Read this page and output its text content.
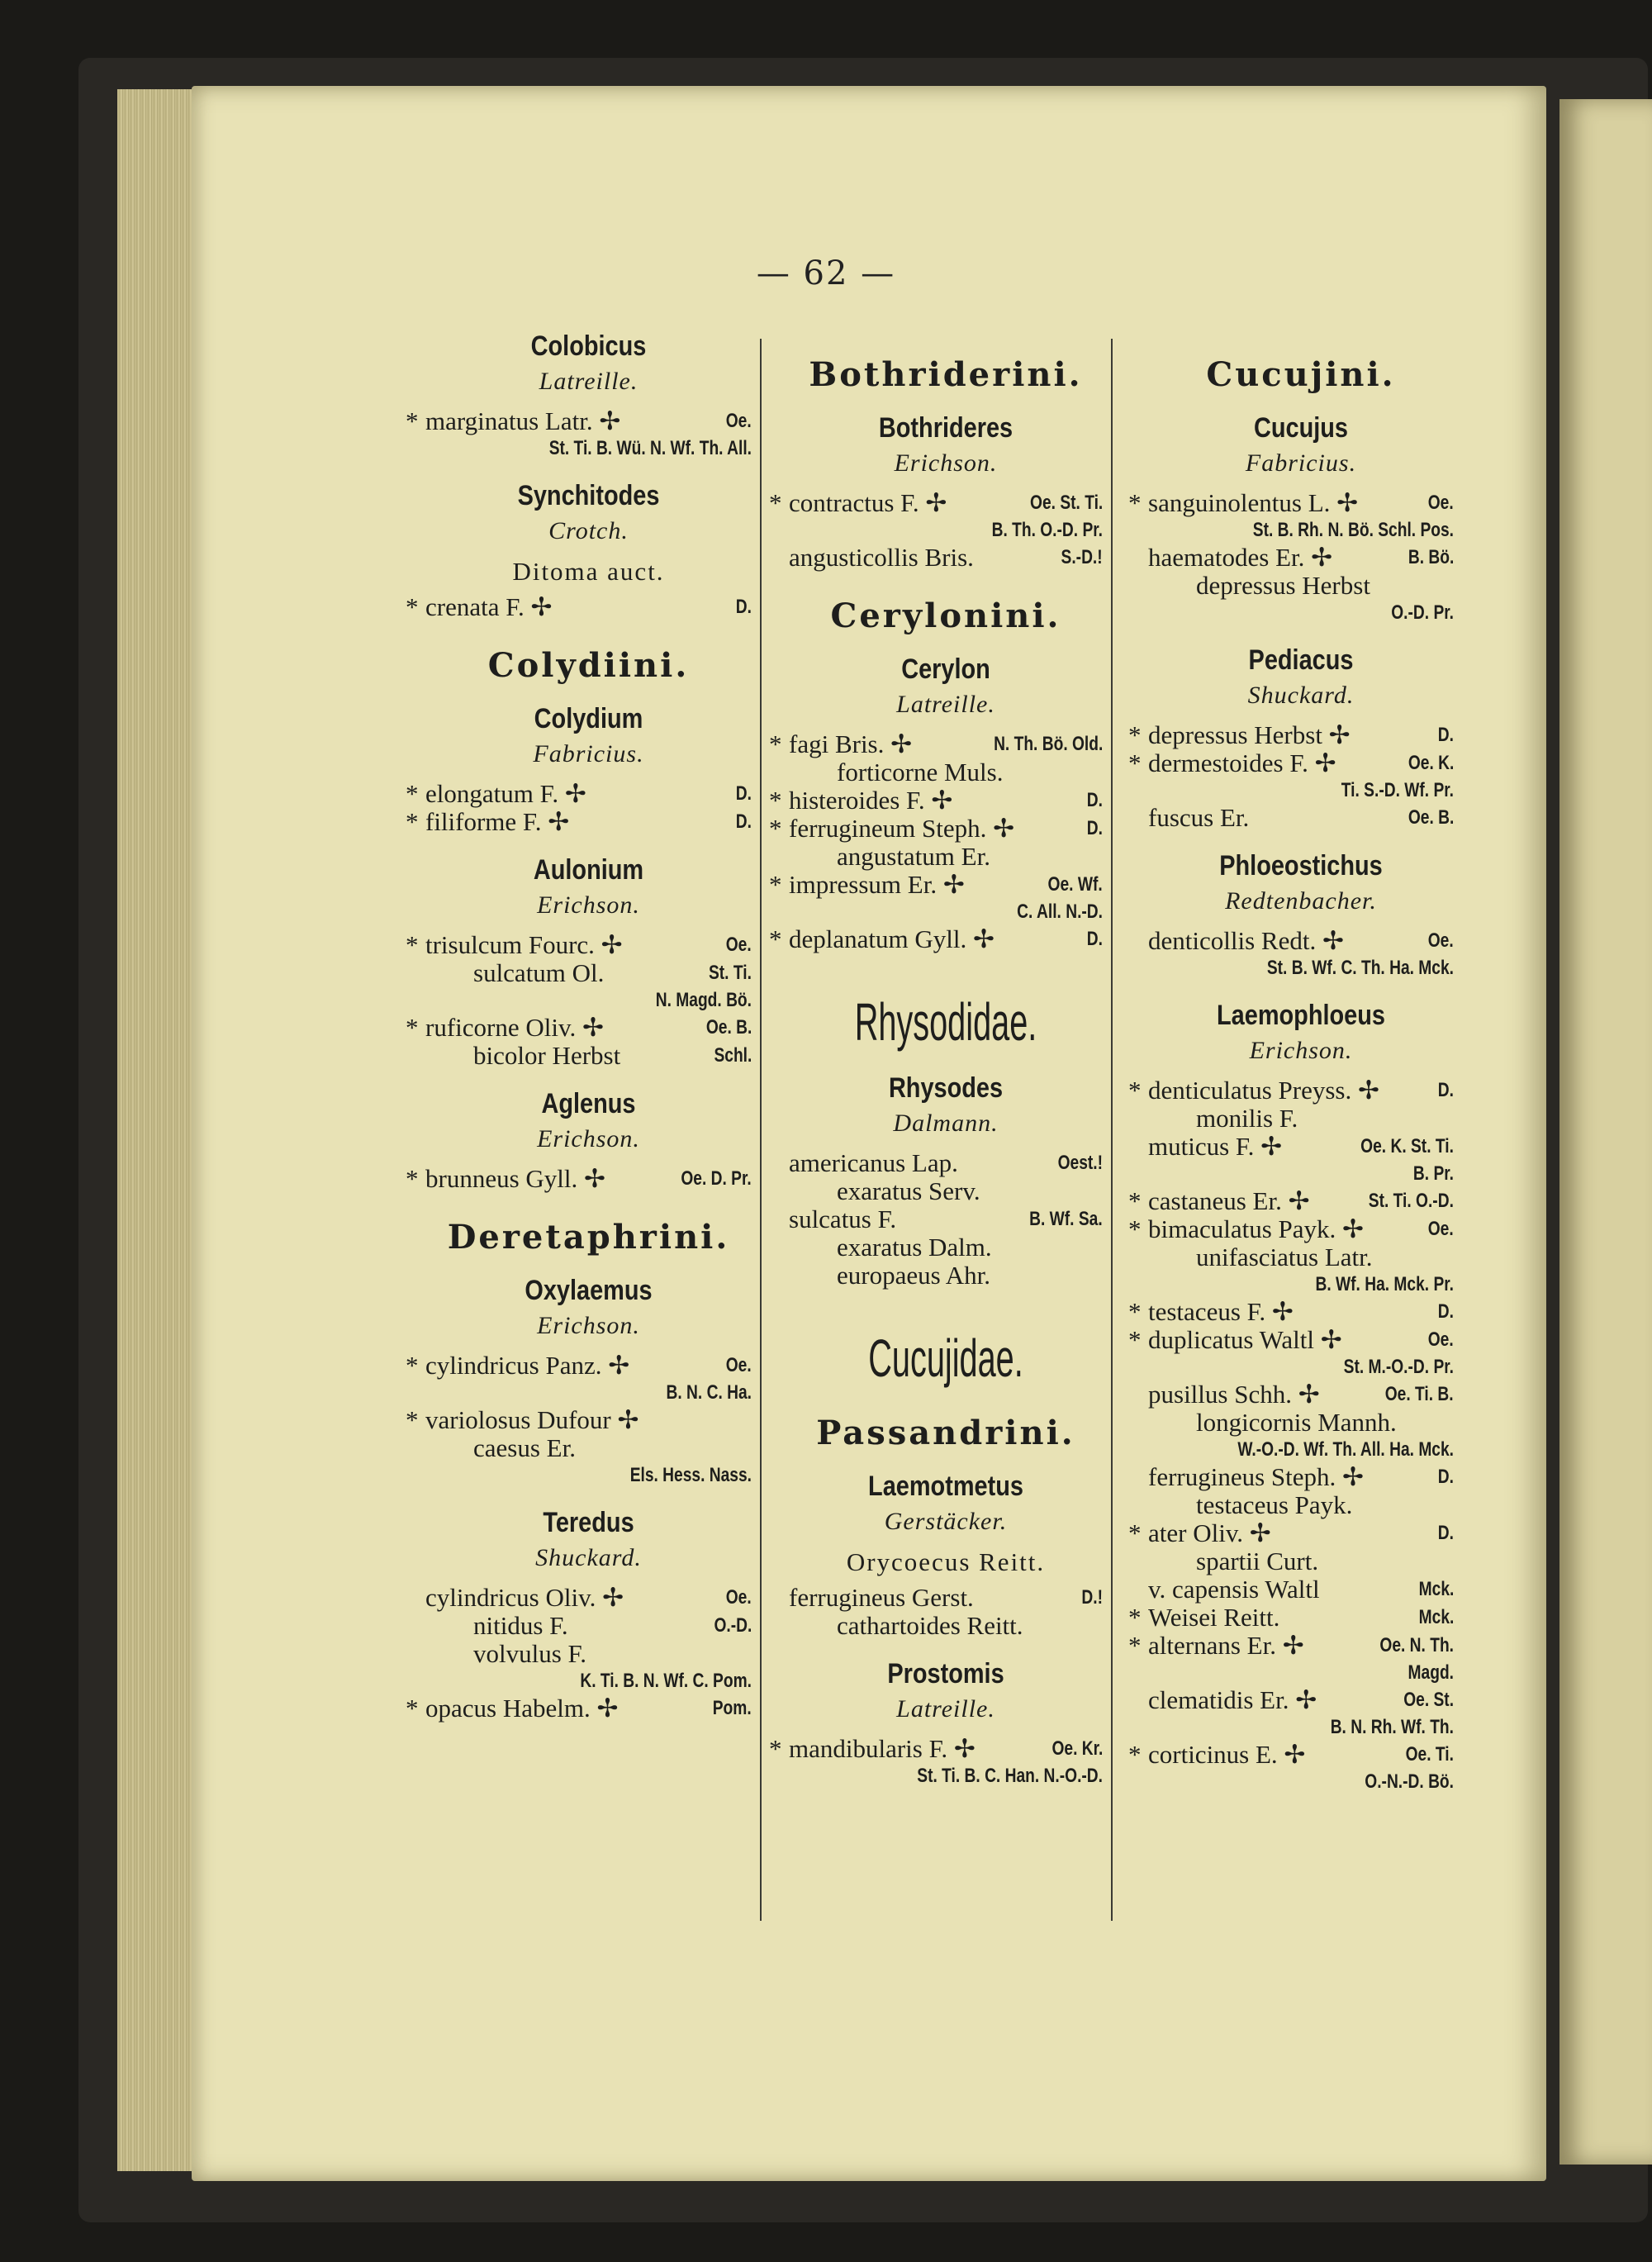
— 62 —
Colobicus
Latreille.
* marginatus Latr. ✢	Oe.
St. Ti. B. Wü. N. Wf. Th. All.
Synchitodes
Crotch.
Ditoma auct.
* crenata F. ✢	D.
Colydiini.
Colydium
Fabricius.
* elongatum F. ✢	D.
* filiforme F. ✢	D.
Aulonium
Erichson.
* trisulcum Fourc. ✢	Oe.
sulcatum Ol.	St. Ti.
N. Magd. Bö.
* ruficorne Oliv. ✢	Oe. B.
bicolor Herbst	Schl.
Aglenus
Erichson.
* brunneus Gyll. ✢	Oe. D. Pr.
Deretaphrini.
Oxylaemus
Erichson.
* cylindricus Panz. ✢	Oe.
B. N. C. Ha.
* variolosus Dufour ✢
caesus Er.
Els. Hess. Nass.
Teredus
Shuckard.
cylindricus Oliv. ✢	Oe.
nitidus F.	O.-D.
volvulus F.
K. Ti. B. N. Wf. C. Pom.
* opacus Habelm. ✢	Pom.
Bothriderini.
Bothrideres
Erichson.
* contractus F. ✢	Oe. St. Ti.
B. Th. O.-D. Pr.
angusticollis Bris.	S.-D.!
Cerylonini.
Cerylon
Latreille.
* fagi Bris. ✢	N. Th. Bö. Old.
forticorne Muls.
* histeroides F. ✢	D.
* ferrugineum Steph. ✢	D.
angustatum Er.
* impressum Er. ✢	Oe. Wf.
C. All. N.-D.
* deplanatum Gyll. ✢	D.
Rhysodidae.
Rhysodes
Dalmann.
americanus Lap.	Oest.!
exaratus Serv.
sulcatus F.	B. Wf. Sa.
exaratus Dalm.
europaeus Ahr.
Cucujidae.
Passandrini.
Laemotmetus
Gerstäcker.
Orycoecus Reitt.
ferrugineus Gerst.	D.!
cathartoides Reitt.
Prostomis
Latreille.
* mandibularis F. ✢	Oe. Kr.
St. Ti. B. C. Han. N.-O.-D.
Cucujini.
Cucujus
Fabricius.
* sanguinolentus L. ✢	Oe.
St. B. Rh. N. Bö. Schl. Pos.
haematodes Er. ✢	B. Bö.
depressus Herbst
O.-D. Pr.
Pediacus
Shuckard.
* depressus Herbst ✢	D.
* dermestoides F. ✢	Oe. K.
Ti. S.-D. Wf. Pr.
fuscus Er.	Oe. B.
Phloeostichus
Redtenbacher.
denticollis Redt. ✢	Oe.
St. B. Wf. C. Th. Ha. Mck.
Laemophloeus
Erichson.
* denticulatus Preyss. ✢	D.
monilis F.
muticus F. ✢	Oe. K. St. Ti.
B. Pr.
* castaneus Er. ✢	St. Ti. O.-D.
* bimaculatus Payk. ✢	Oe.
unifasciatus Latr.
B. Wf. Ha. Mck. Pr.
* testaceus F. ✢	D.
* duplicatus Waltl ✢	Oe.
St. M.-O.-D. Pr.
pusillus Schh. ✢	Oe. Ti. B.
longicornis Mannh.
W.-O.-D. Wf. Th. All. Ha. Mck.
ferrugineus Steph. ✢	D.
testaceus Payk.
* ater Oliv. ✢	D.
spartii Curt.
v. capensis Waltl	Mck.
* Weisei Reitt.	Mck.
* alternans Er. ✢	Oe. N. Th.
Magd.
clematidis Er. ✢	Oe. St.
B. N. Rh. Wf. Th.
* corticinus E. ✢	Oe. Ti.
O.-N.-D. Bö.
